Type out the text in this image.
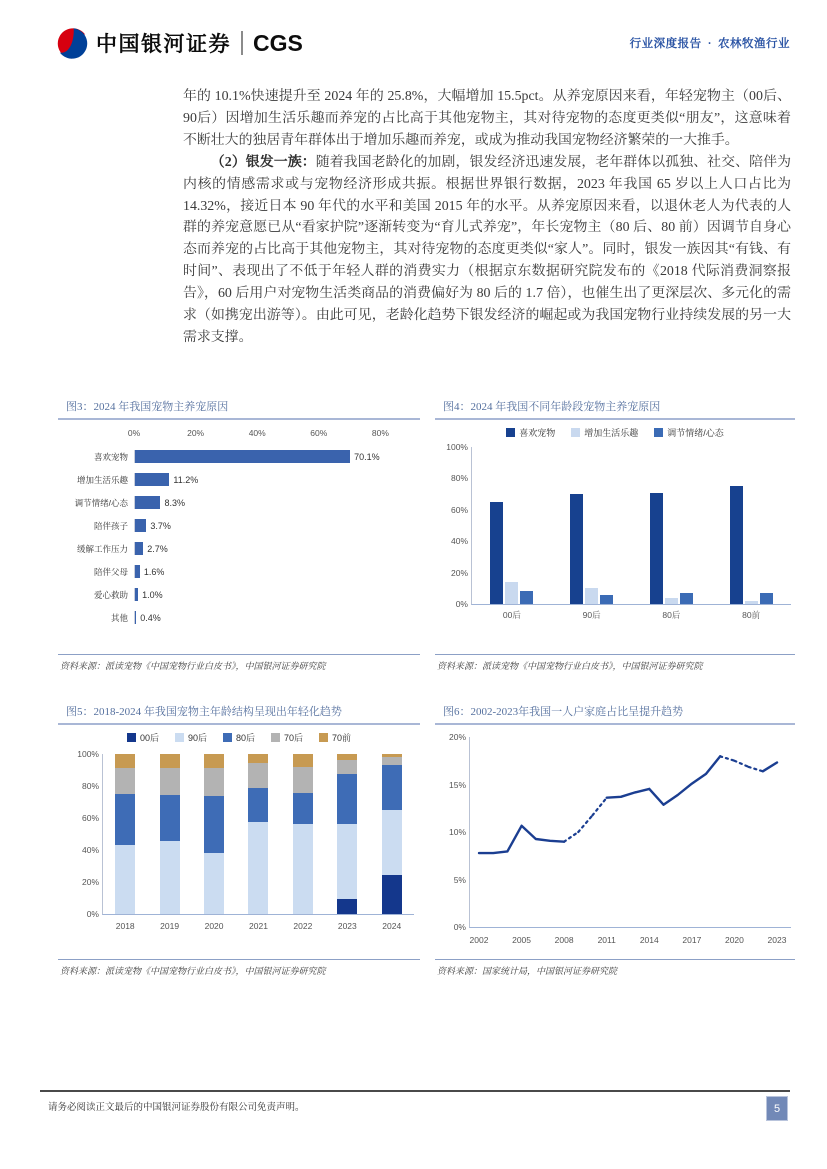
中国银河证券 CGS	行业深度报告 · 农林牧渔行业

年的 10.1%快速提升至 2024 年的 25.8%，大幅增加 15.5pct。从养宠原因来看，年轻宠物主（00后、90后）因增加生活乐趣而养宠的占比高于其他宠物主，其对待宠物的态度更类似“朋友”，这意味着不断壮大的独居青年群体出于增加乐趣而养宠，或成为推动我国宠物经济繁荣的一大推手。

（2）银发一族：随着我国老龄化的加剧，银发经济迅速发展，老年群体以孤独、社交、陪伴为内核的情感需求或与宠物经济形成共振。根据世界银行数据，2023 年我国 65 岁以上人口占比为 14.32%，接近日本 90 年代的水平和美国 2015 年的水平。从养宠原因来看，以退休老人为代表的人群的养宠意愿已从“看家护院”逐渐转变为“育儿式养宠”，年长宠物主（80 后、80 前）因调节自身心态而养宠的占比高于其他宠物主，其对待宠物的态度更类似“家人”。同时，银发一族因其“有钱、有时间”、表现出了不低于年轻人群的消费实力（根据京东数据研究院发布的《2018 代际消费洞察报告》，60 后用户对宠物生活类商品的消费偏好为 80 后的 1.7 倍），也催生出了更深层次、多元化的需求（如携宠出游等）。由此可见，老龄化趋势下银发经济的崛起或为我国宠物行业持续发展的另一大需求支撑。

图3：2024 年我国宠物主养宠原因
0%	20%	40%	60%	80%
喜欢宠物	70.1%
增加生活乐趣	11.2%
调节情绪/心态	8.3%
陪伴孩子	3.7%
缓解工作压力	2.7%
陪伴父母	1.6%
爱心救助	1.0%
其他	0.4%
资料来源：派读宠物《中国宠物行业白皮书》，中国银河证券研究院
图4：2024 年我国不同年龄段宠物主养宠原因
喜欢宠物	增加生活乐趣	调节情绪/心态
0%
20%
40%
60%
80%
100%
00后	90后	80后	80前
资料来源：派读宠物《中国宠物行业白皮书》，中国银河证券研究院
图5：2018-2024 年我国宠物主年龄结构呈现出年轻化趋势
00后	90后	80后	70后	70前
0%
20%
40%
60%
80%
100%
2018	2019	2020	2021	2022	2023	2024
资料来源：派读宠物《中国宠物行业白皮书》，中国银河证券研究院
图6：2002-2023年我国一人户家庭占比呈提升趋势
0%
5%
10%
15%
20%
2002	2005	2008	2011	2014	2017	2020	2023
资料来源：国家统计局，中国银河证券研究院
请务必阅读正文最后的中国银河证券股份有限公司免责声明。	5
